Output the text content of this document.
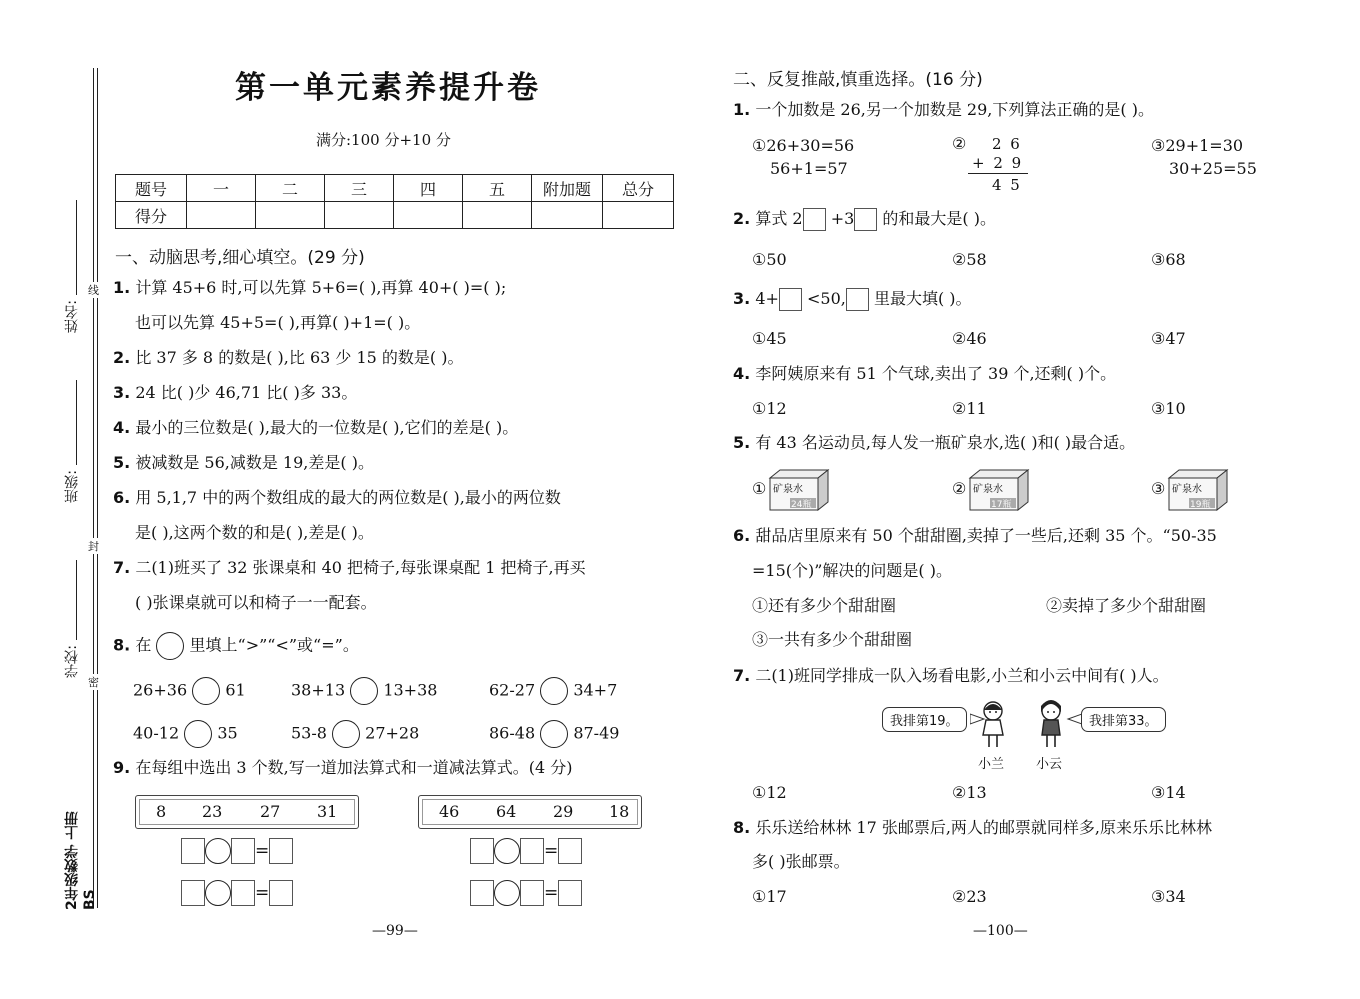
姓名:
班级:
学校:
2年级数学 上册 BS
线
封
密
第一单元素养提升卷
满分:100 分+10 分
题号	一	二	三	四	五	附加题	总分
得分							
一、动脑思考,细心填空。(29 分)
1. 计算 45+6 时,可以先算 5+6=( ),再算 40+( )=( );
也可以先算 45+5=( ),再算( )+1=( )。
2. 比 37 多 8 的数是( ),比 63 少 15 的数是( )。
3. 24 比( )少 46,71 比( )多 33。
4. 最小的三位数是( ),最大的一位数是( ),它们的差是( )。
5. 被减数是 56,减数是 19,差是( )。
6. 用 5,1,7 中的两个数组成的最大的两位数是( ),最小的两位数
是( ),这两个数的和是( ),差是( )。
7. 二(1)班买了 32 张课桌和 40 把椅子,每张课桌配 1 把椅子,再买
( )张课桌就可以和椅子一一配套。
8. 在 里填上“>”“<”或“=”。
26+36 61	38+13 13+38	62-27 34+7
40-12 35	53-8 27+28	86-48 87-49
9. 在每组中选出 3 个数,写一道加法算式和一道减法算式。(4 分)
8 23 27 31	46 64 29 18
=
=
=
=
—99—
二、反复推敲,慎重选择。(16 分)
1. 一个加数是 26,另一个加数是 29,下列算法正确的是( )。
①26+30=56
56+1=57
② 2 6
+ 2 9
4 5
③29+1=30
30+25=55
2. 算式 2 +3 的和最大是( )。
①50	②58	③68
3. 4+ <50, 里最大填( )。
①45	②46	③47
4. 李阿姨原来有 51 个气球,卖出了 39 个,还剩( )个。
①12	②11	③10
5. 有 43 名运动员,每人发一瓶矿泉水,选( )和( )最合适。
① 矿泉水
24瓶
② 矿泉水
17瓶
③ 矿泉水
19瓶
6. 甜品店里原来有 50 个甜甜圈,卖掉了一些后,还剩 35 个。“50-35
=15(个)”解决的问题是( )。
①还有多少个甜甜圈	②卖掉了多少个甜甜圈
③一共有多少个甜甜圈
7. 二(1)班同学排成一队入场看电影,小兰和小云中间有( )人。
我排第19。	我排第33。
小兰 小云
①12	②13	③14
8. 乐乐送给林林 17 张邮票后,两人的邮票就同样多,原来乐乐比林林
多( )张邮票。
①17	②23	③34
—100—
